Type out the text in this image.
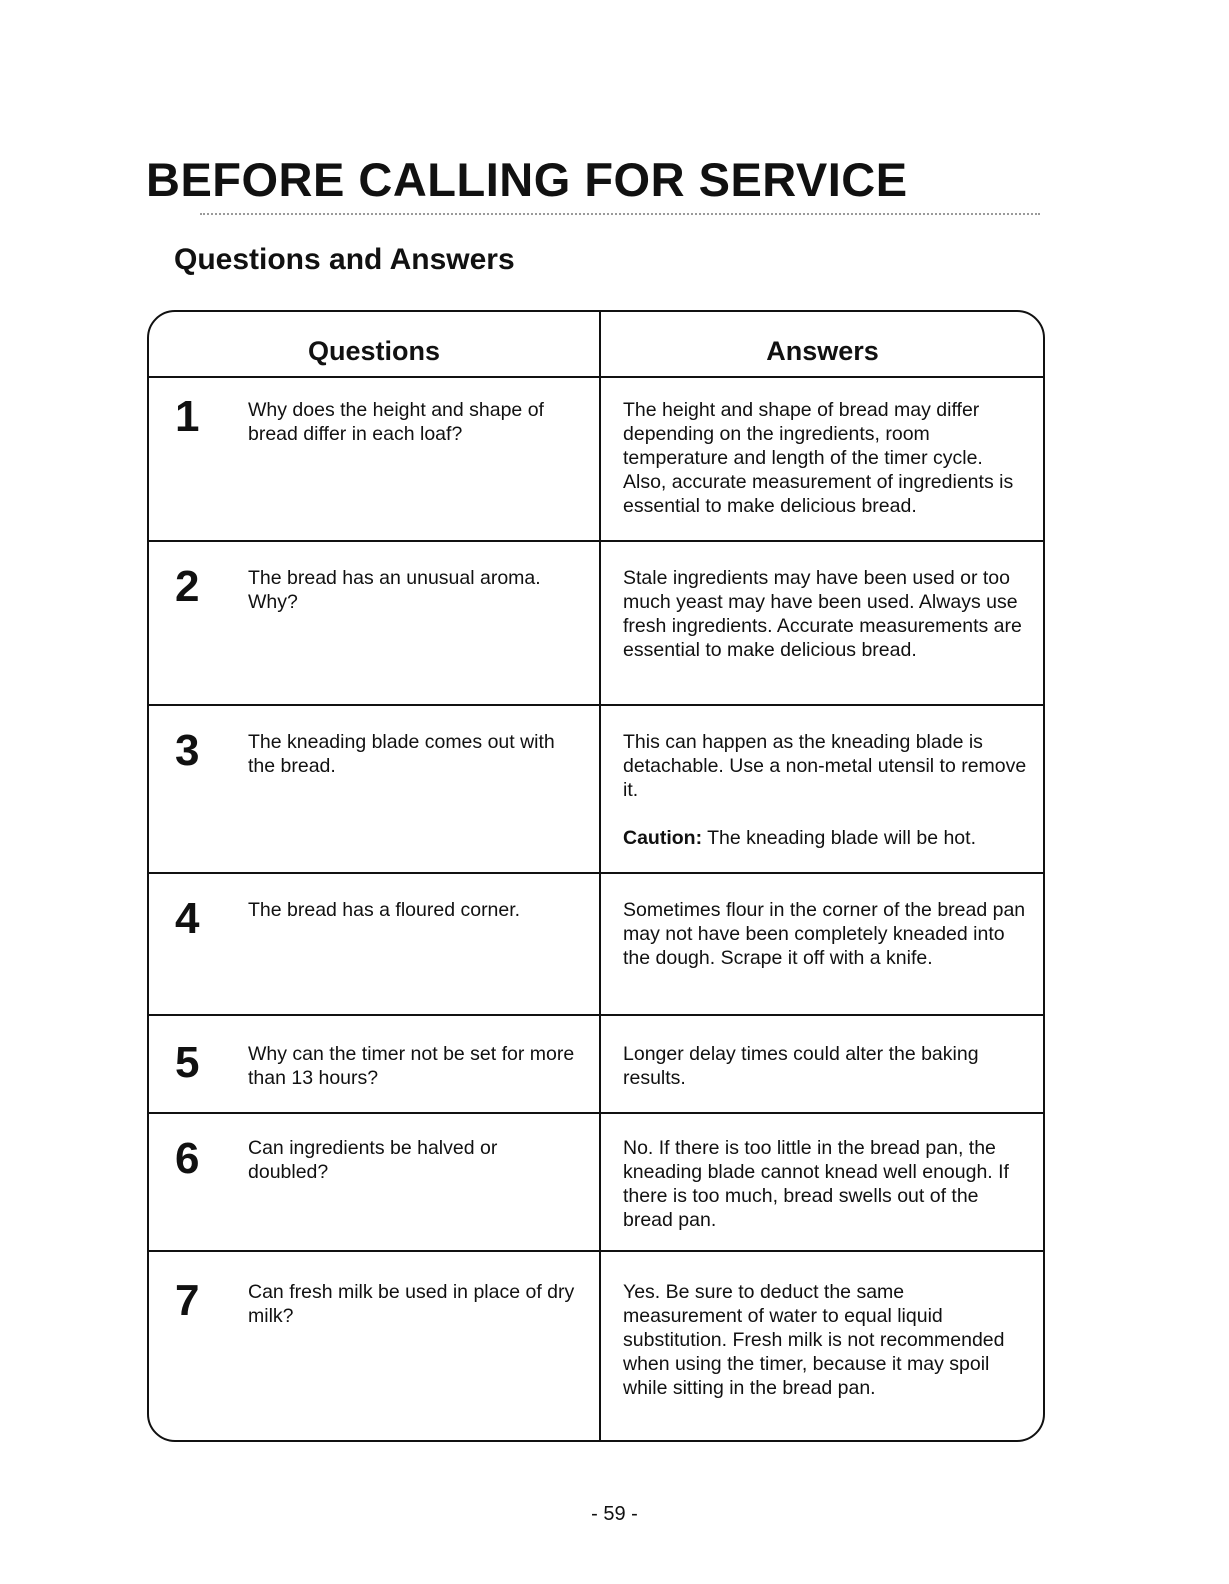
BEFORE CALLING FOR SERVICE
Questions and Answers
Questions	Answers
1 Why does the height and shape of bread differ in each loaf?
The height and shape of bread may differ depending on the ingredients, room temperature and length of the timer cycle. Also, accurate measurement of ingredients is essential to make delicious bread.
2 The bread has an unusual aroma. Why?
Stale ingredients may have been used or too much yeast may have been used. Always use fresh ingredients. Accurate measurements are essential to make delicious bread.
3 The kneading blade comes out with the bread.

This can happen as the kneading blade is detachable. Use a non-metal utensil to remove it.

Caution: The kneading blade will be hot.

4 The bread has a floured corner.	Sometimes flour in the corner of the bread pan may not have been completely kneaded into the dough. Scrape it off with a knife.
5 Why can the timer not be set for more than 13 hours?
Longer delay times could alter the baking results.
6 Can ingredients be halved or doubled?
No. If there is too little in the bread pan, the kneading blade cannot knead well enough. If there is too much, bread swells out of the bread pan.
7 Can fresh milk be used in place of dry milk?
Yes. Be sure to deduct the same measurement of water to equal liquid substitution. Fresh milk is not recommended when using the timer, because it may spoil while sitting in the bread pan.
- 59 -
